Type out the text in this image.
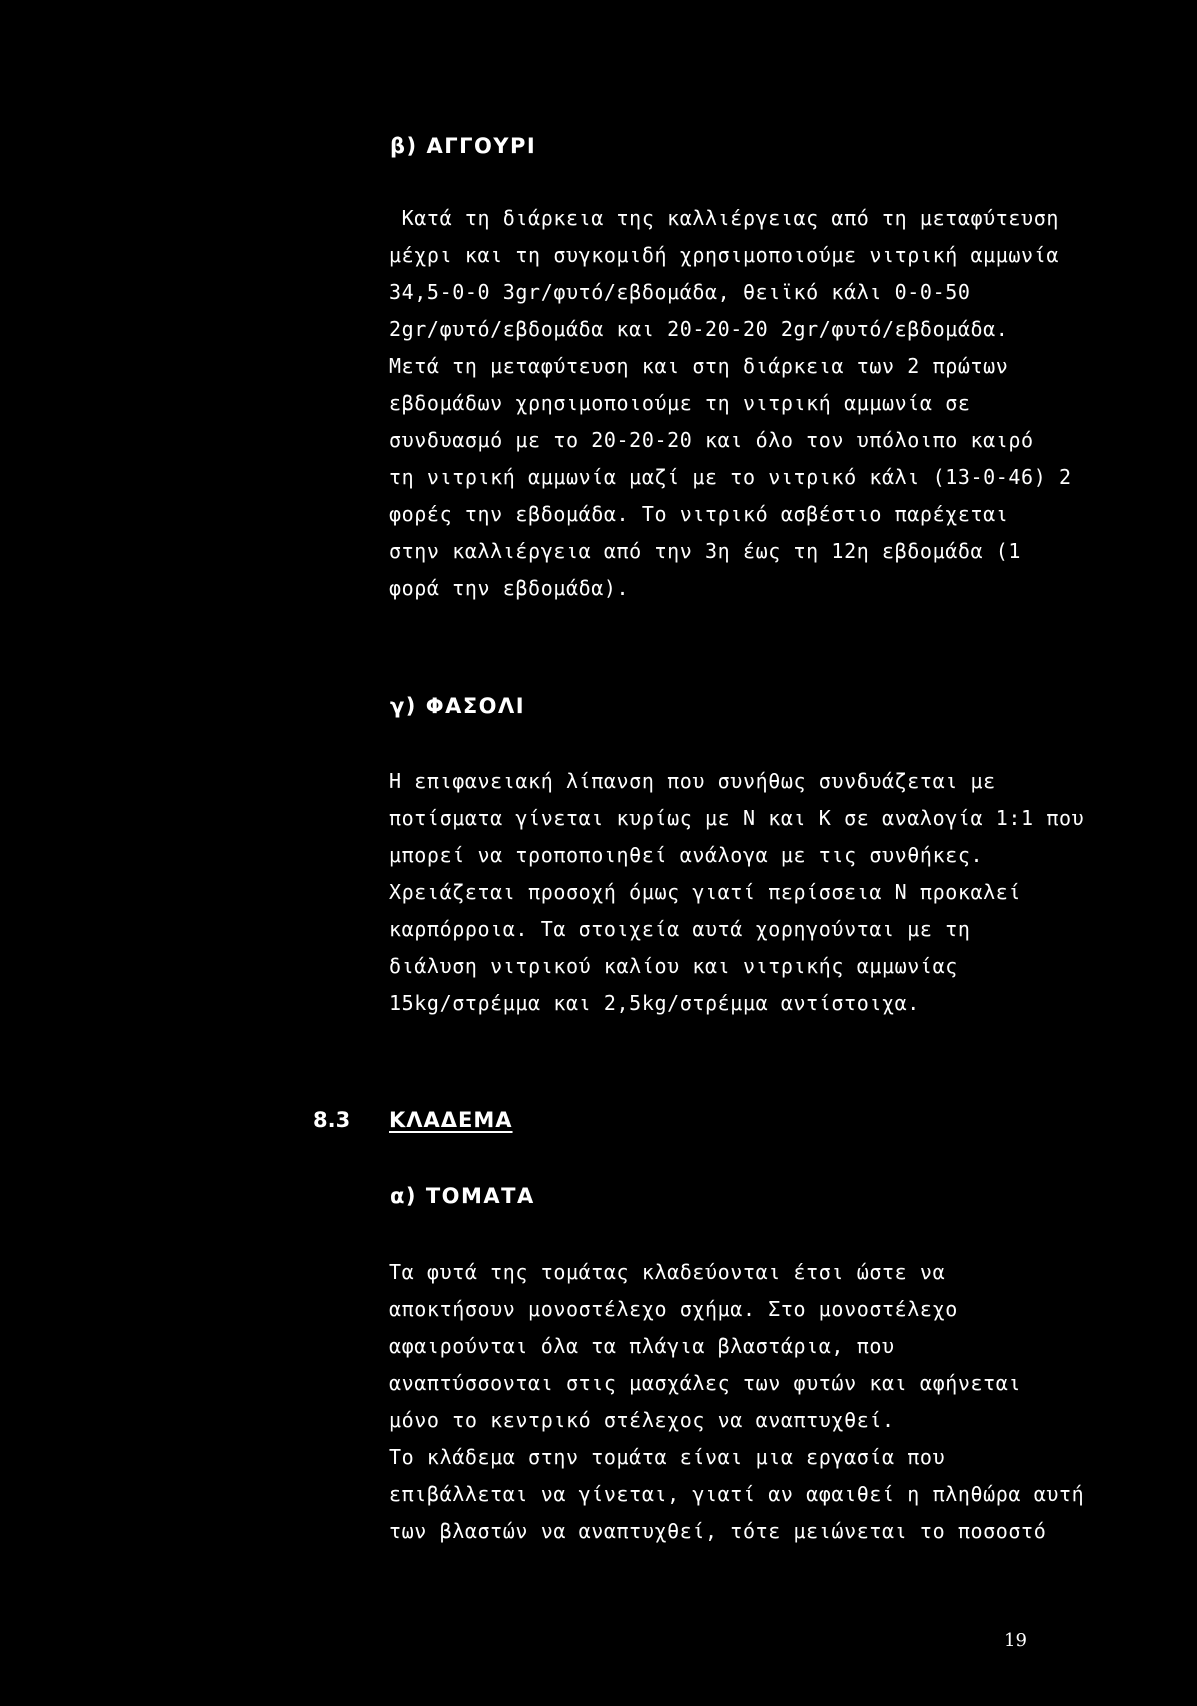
β) ΑΓΓΟΥΡΙ
Κατά τη διάρκεια της καλλιέργειας από τη μεταφύτευση
μέχρι και τη συγκομιδή χρησιμοποιούμε νιτρική αμμωνία
34,5-0-0 3gr/φυτό/εβδομάδα, θειϊκό κάλι 0-0-50
2gr/φυτό/εβδομάδα και 20-20-20 2gr/φυτό/εβδομάδα.
Μετά τη μεταφύτευση και στη διάρκεια των 2 πρώτων
εβδομάδων χρησιμοποιούμε τη νιτρική αμμωνία σε
συνδυασμό με το 20-20-20 και όλο τον υπόλοιπο καιρό
τη νιτρική αμμωνία μαζί με το νιτρικό κάλι (13-0-46) 2
φορές την εβδομάδα. Το νιτρικό ασβέστιο παρέχεται
στην καλλιέργεια από την 3η έως τη 12η εβδομάδα (1
φορά την εβδομάδα).
γ) ΦΑΣΟΛΙ
Η επιφανειακή λίπανση που συνήθως συνδυάζεται με
ποτίσματα γίνεται κυρίως με Ν και Κ σε αναλογία 1:1 που
μπορεί να τροποποιηθεί ανάλογα με τις συνθήκες.
Χρειάζεται προσοχή όμως γιατί περίσσεια Ν προκαλεί
καρπόρροια. Τα στοιχεία αυτά χορηγούνται με τη
διάλυση νιτρικού καλίου και νιτρικής αμμωνίας
15kg/στρέμμα και 2,5kg/στρέμμα αντίστοιχα.
8.3 ΚΛΑΔΕΜΑ
α) ΤΟΜΑΤΑ
Τα φυτά της τομάτας κλαδεύονται έτσι ώστε να
αποκτήσουν μονοστέλεχο σχήμα. Στο μονοστέλεχο
αφαιρούνται όλα τα πλάγια βλαστάρια, που
αναπτύσσονται στις μασχάλες των φυτών και αφήνεται
μόνο το κεντρικό στέλεχος να αναπτυχθεί.
Το κλάδεμα στην τομάτα είναι μια εργασία που
επιβάλλεται να γίνεται, γιατί αν αφαιθεί η πληθώρα αυτή
των βλαστών να αναπτυχθεί, τότε μειώνεται το ποσοστό
19
